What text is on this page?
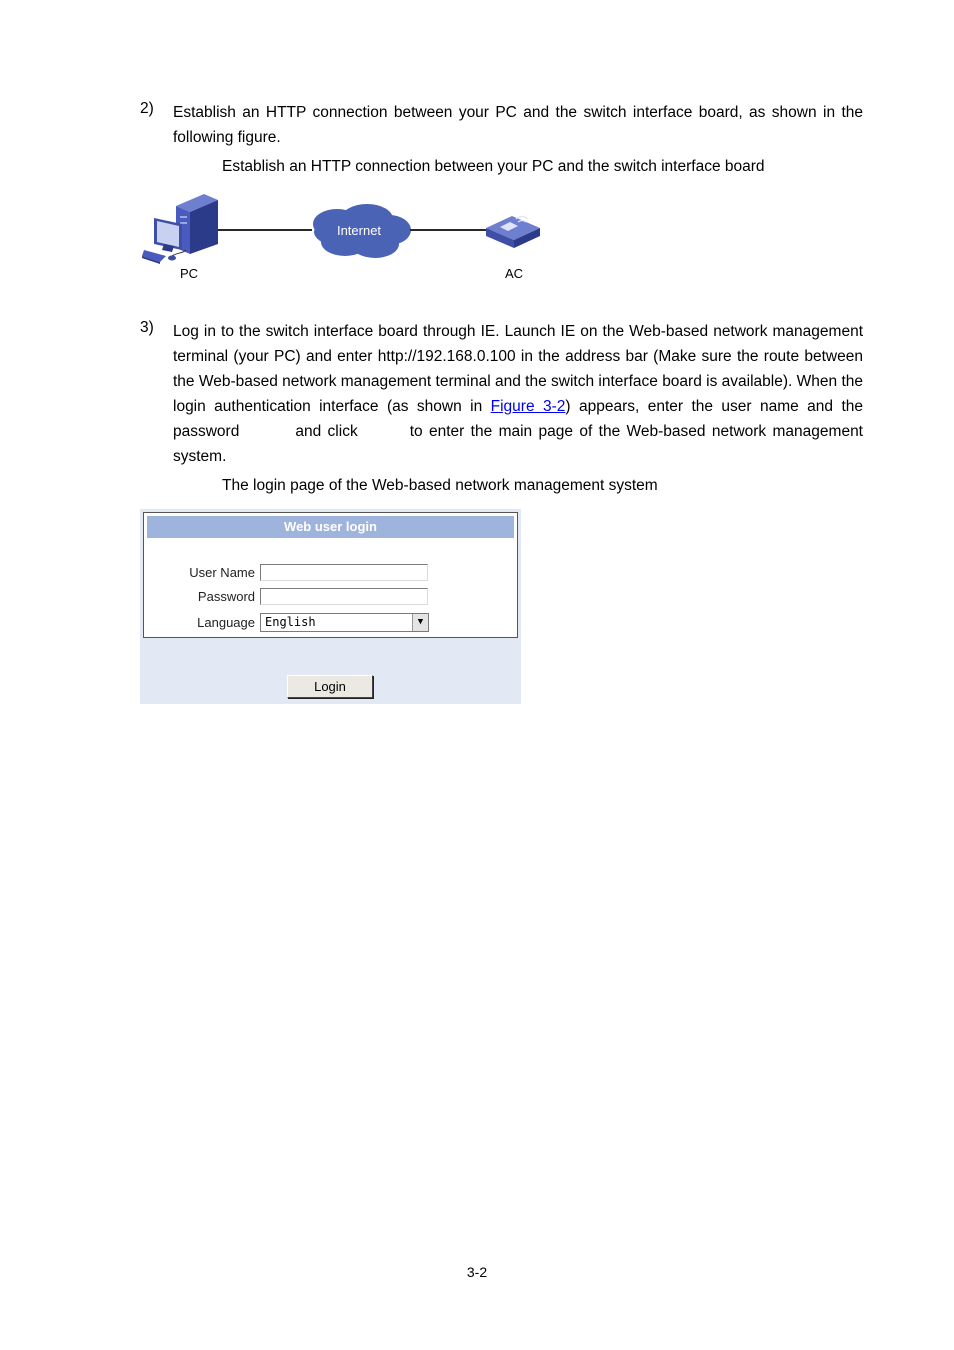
2) Establish an HTTP connection between your PC and the switch interface board, as shown in the following figure.
Establish an HTTP connection between your PC and the switch interface board
Internet
PC	AC
3) Log in to the switch interface board through IE. Launch IE on the Web-based network management terminal (your PC) and enter http://192.168.0.100 in the address bar (Make sure the route between the Web-based network management terminal and the switch interface board is available). When the login authentication interface (as shown in Figure 3-2) appears, enter the user name and the password	and click	to enter the main page of the Web-based network management system.
The login page of the Web-based network management system
Web user login
User Name
Password
Language English	▼
Login
3-2
